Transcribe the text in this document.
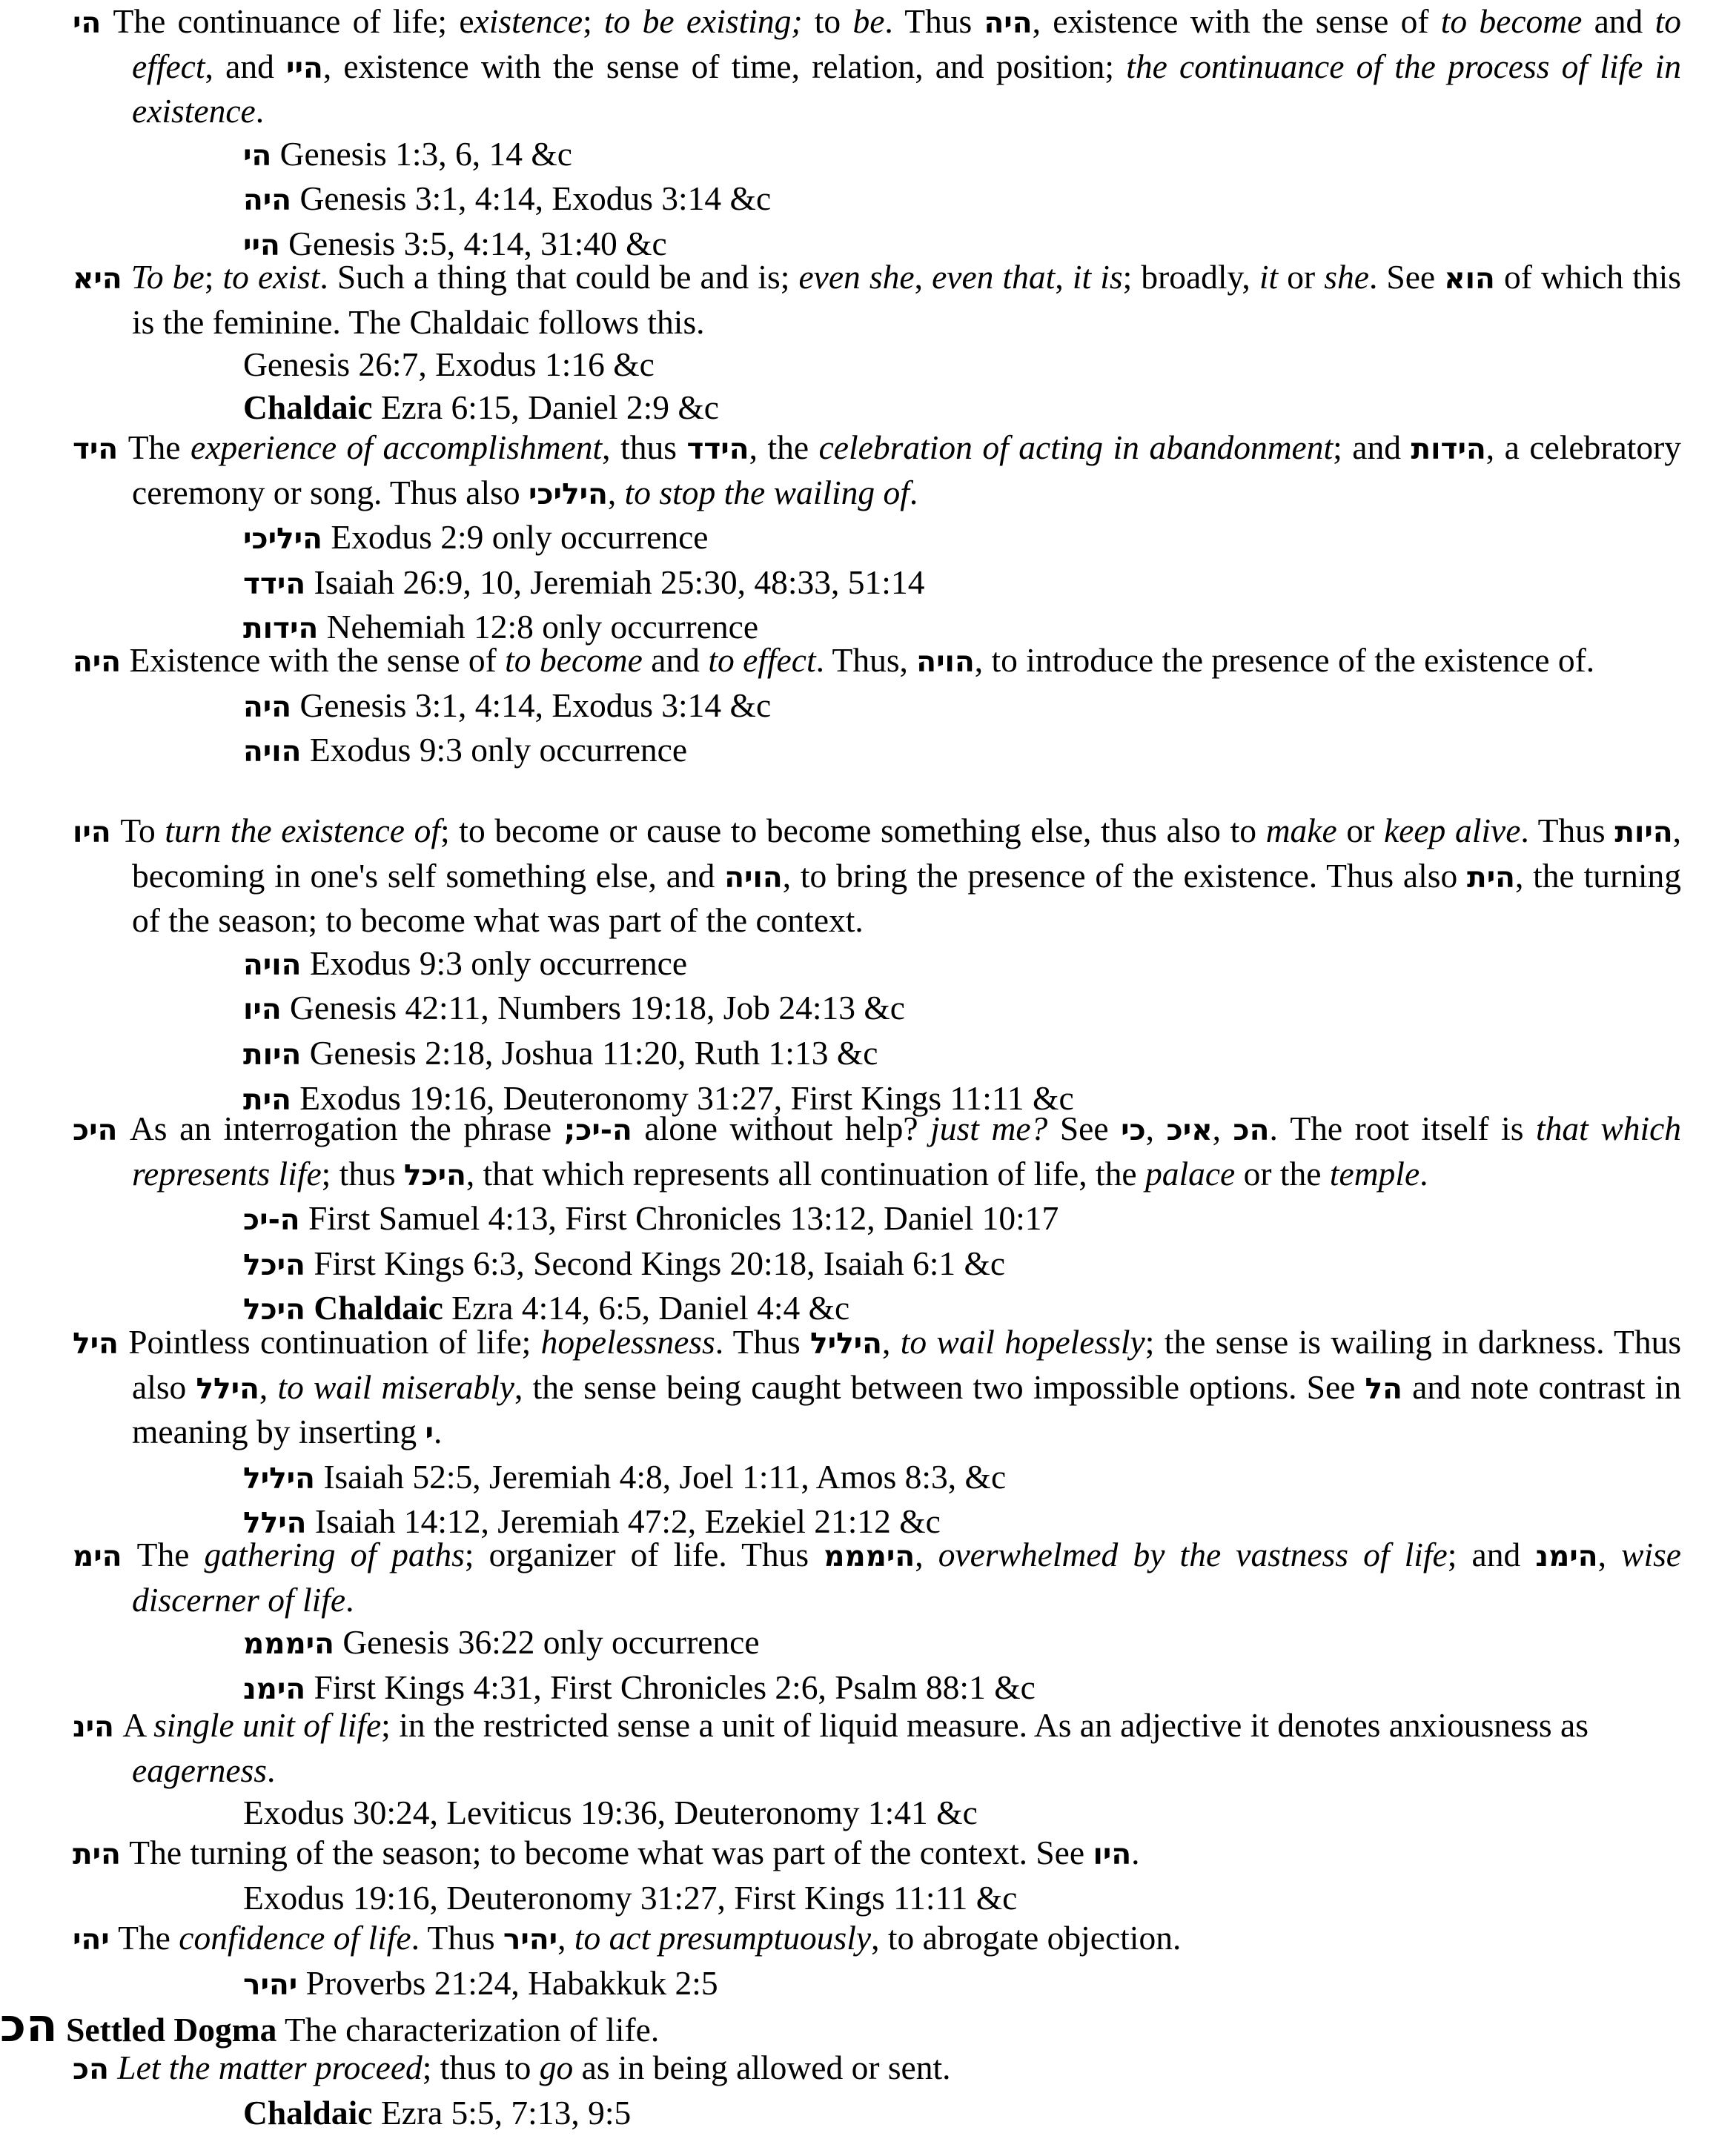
הי The continuance of life; existence; to be existing; to be. Thus היה, existence with the sense of to become and to effect, and היי, existence with the sense of time, relation, and position; the continuance of the process of life in existence.

הי Genesis 1:3, 6, 14 &c

היה Genesis 3:1, 4:14, Exodus 3:14 &c

היי Genesis 3:5, 4:14, 31:40 &c

היא To be; to exist. Such a thing that could be and is; even she, even that, it is; broadly, it or she. See הוא of which this is the feminine. The Chaldaic follows this.

Genesis 26:7, Exodus 1:16 &c

Chaldaic Ezra 6:15, Daniel 2:9 &c

היד The experience of accomplishment, thus הידד, the celebration of acting in abandonment; and הידות, a celebratory ceremony or song. Thus also היליכי, to stop the wailing of.

היליכי Exodus 2:9 only occurrence

הידד Isaiah 26:9, 10, Jeremiah 25:30, 48:33, 51:14

הידות Nehemiah 12:8 only occurrence

היה Existence with the sense of to become and to effect. Thus, הויה, to introduce the presence of the existence of.

היה Genesis 3:1, 4:14, Exodus 3:14 &c

הויה Exodus 9:3 only occurrence

היו To turn the existence of; to become or cause to become something else, thus also to make or keep alive. Thus היות, becoming in one's self something else, and הויה, to bring the presence of the existence. Thus also הית, the turning of the season; to become what was part of the context.

הויה Exodus 9:3 only occurrence

היו Genesis 42:11, Numbers 19:18, Job 24:13 &c

היות Genesis 2:18, Joshua 11:20, Ruth 1:13 &c

הית Exodus 19:16, Deuteronomy 31:27, First Kings 11:11 &c

היכ As an interrogation the phrase ה-יכ; alone without help? just me? See כי, איכ, הכ. The root itself is that which represents life; thus היכל, that which represents all continuation of life, the palace or the temple.

ה-יכ First Samuel 4:13, First Chronicles 13:12, Daniel 10:17

היכל First Kings 6:3, Second Kings 20:18, Isaiah 6:1 &c

היכל Chaldaic Ezra 4:14, 6:5, Daniel 4:4 &c

היל Pointless continuation of life; hopelessness. Thus היליל, to wail hopelessly; the sense is wailing in darkness. Thus also הילל, to wail miserably, the sense being caught between two impossible options. See הל and note contrast in meaning by inserting י.

היליל Isaiah 52:5, Jeremiah 4:8, Joel 1:11, Amos 8:3, &c

הילל Isaiah 14:12, Jeremiah 47:2, Ezekiel 21:12 &c

הימ The gathering of paths; organizer of life. Thus הימממ, overwhelmed by the vastness of life; and הימנ, wise discerner of life.

הימממ Genesis 36:22 only occurrence

הימנ First Kings 4:31, First Chronicles 2:6, Psalm 88:1 &c

הינ A single unit of life; in the restricted sense a unit of liquid measure. As an adjective it denotes anxiousness as eagerness.

Exodus 30:24, Leviticus 19:36, Deuteronomy 1:41 &c

הית The turning of the season; to become what was part of the context. See היו.

Exodus 19:16, Deuteronomy 31:27, First Kings 11:11 &c

יהי The confidence of life. Thus יהיר, to act presumptuously, to abrogate objection.

יהיר Proverbs 21:24, Habakkuk 2:5

הכ Settled Dogma The characterization of life.

הכ Let the matter proceed; thus to go as in being allowed or sent.

Chaldaic Ezra 5:5, 7:13, 9:5
